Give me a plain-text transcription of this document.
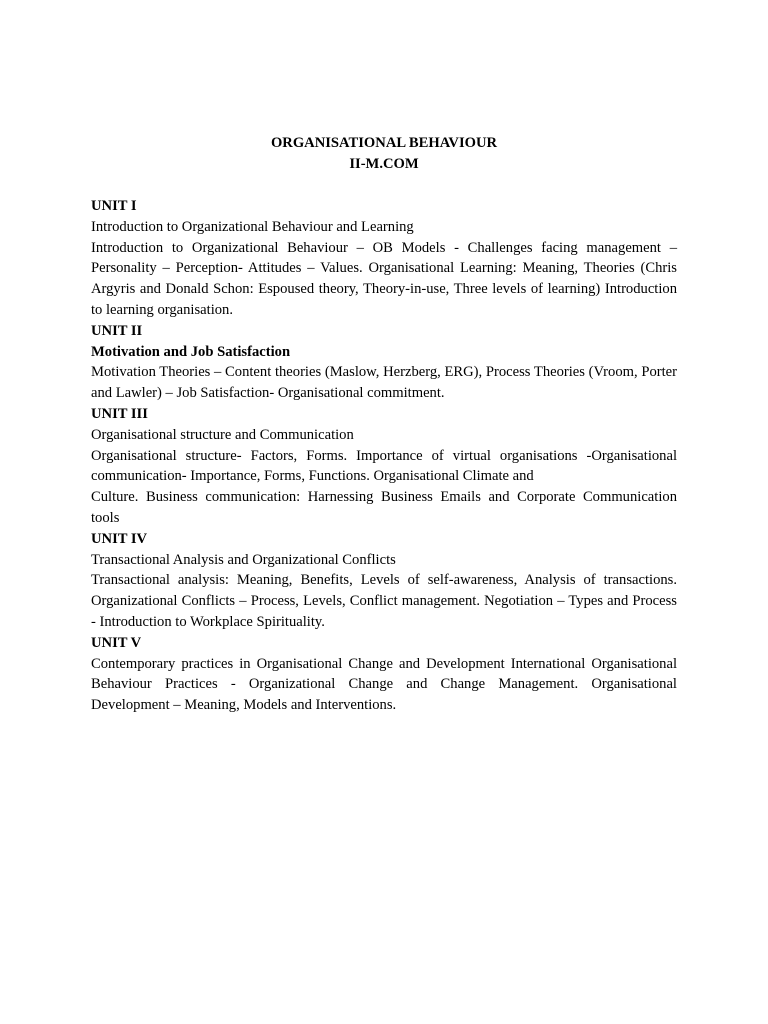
ORGANISATIONAL BEHAVIOUR
II-M.COM
UNIT I
Introduction to Organizational Behaviour and Learning

Introduction to Organizational Behaviour – OB Models - Challenges facing management – Personality – Perception- Attitudes – Values. Organisational Learning: Meaning, Theories (Chris Argyris and Donald Schon: Espoused theory, Theory-in-use, Three levels of learning) Introduction to learning organisation.

UNIT II
Motivation and Job Satisfaction

Motivation Theories – Content theories (Maslow, Herzberg, ERG), Process Theories (Vroom, Porter and Lawler) – Job Satisfaction- Organisational commitment.

UNIT III
Organisational structure and Communication

Organisational structure- Factors, Forms. Importance of virtual organisations -Organisational communication- Importance, Forms, Functions. Organisational Climate and

Culture. Business communication: Harnessing Business Emails and Corporate Communication tools

UNIT IV
Transactional Analysis and Organizational Conflicts

Transactional analysis: Meaning, Benefits, Levels of self-awareness, Analysis of transactions. Organizational Conflicts – Process, Levels, Conflict management. Negotiation – Types and Process - Introduction to Workplace Spirituality.

UNIT V

Contemporary practices in Organisational Change and Development International Organisational Behaviour Practices - Organizational Change and Change Management. Organisational Development – Meaning, Models and Interventions.
